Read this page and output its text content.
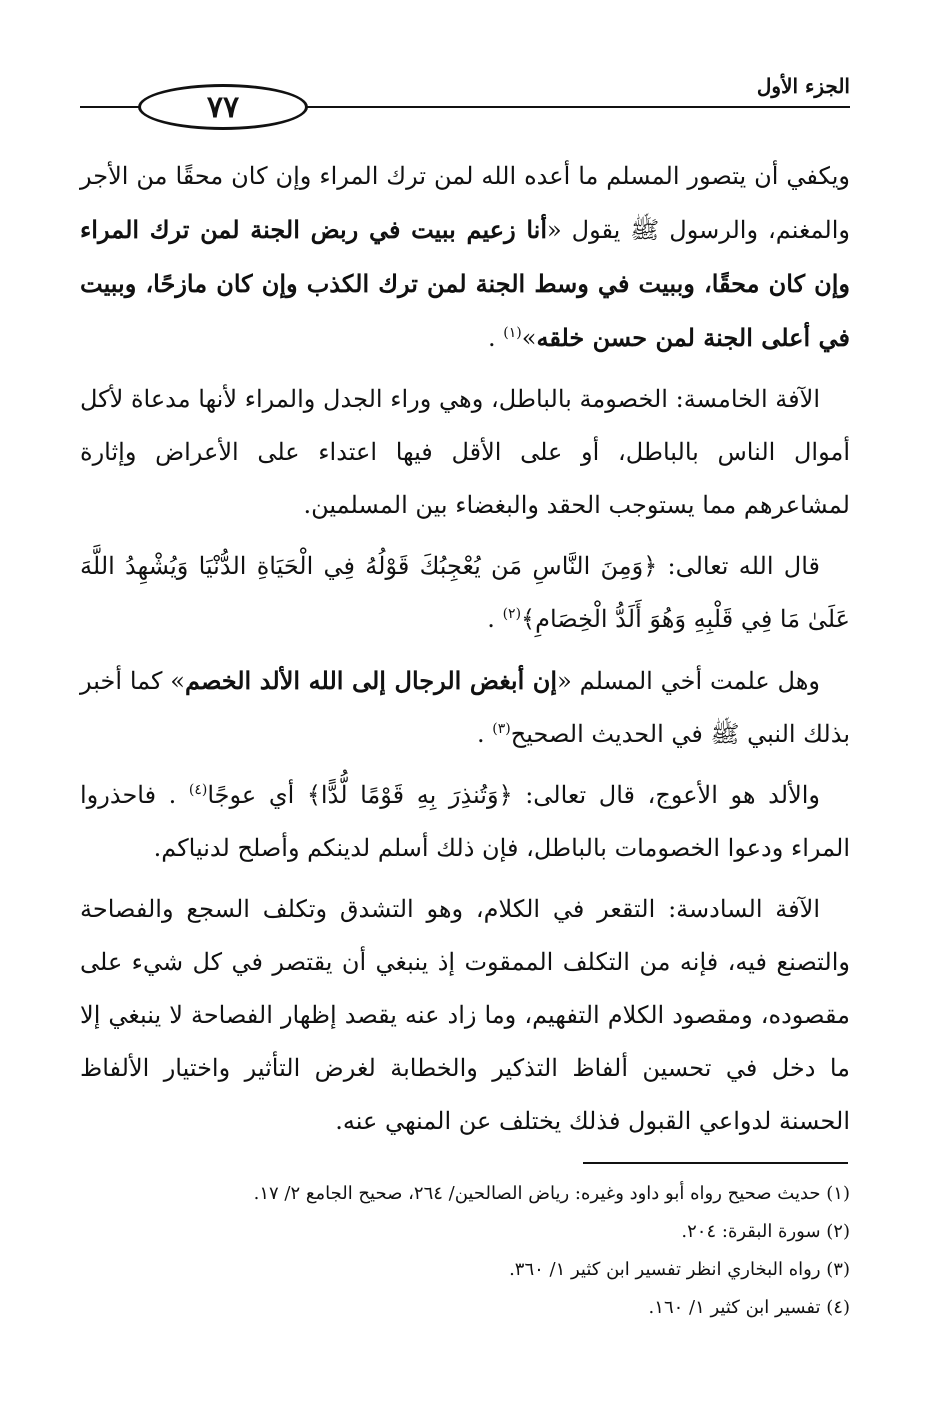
٧٧
الجزء الأول

ويكفي أن يتصور المسلم ما أعده الله لمن ترك المراء وإن كان محقًا من الأجر والمغنم، والرسول ﷺ يقول «أنا زعيم ببيت في ربض الجنة لمن ترك المراء وإن كان محقًا، وببيت في وسط الجنة لمن ترك الكذب وإن كان مازحًا، وببيت في أعلى الجنة لمن حسن خلقه»$^{(١)}$ .

الآفة الخامسة: الخصومة بالباطل، وهي وراء الجدل والمراء لأنها مدعاة لأكل أموال الناس بالباطل، أو على الأقل فيها اعتداء على الأعراض وإثارة لمشاعرهم مما يستوجب الحقد والبغضاء بين المسلمين.

قال الله تعالى: ﴿وَمِنَ النَّاسِ مَن يُعْجِبُكَ قَوْلُهُ فِي الْحَيَاةِ الدُّنْيَا وَيُشْهِدُ اللَّهَ عَلَىٰ مَا فِي قَلْبِهِ وَهُوَ أَلَدُّ الْخِصَامِ﴾$^{(٢)}$ .

وهل علمت أخي المسلم «إن أبغض الرجال إلى الله الألد الخصم» كما أخبر بذلك النبي ﷺ في الحديث الصحيح$^{(٣)}$ .

والألد هو الأعوج، قال تعالى: ﴿وَتُنذِرَ بِهِ قَوْمًا لُّدًّا﴾ أي عوجًا$^{(٤)}$ . فاحذروا المراء ودعوا الخصومات بالباطل، فإن ذلك أسلم لدينكم وأصلح لدنياكم.

الآفة السادسة: التقعر في الكلام، وهو التشدق وتكلف السجع والفصاحة والتصنع فيه، فإنه من التكلف الممقوت إذ ينبغي أن يقتصر في كل شيء على مقصوده، ومقصود الكلام التفهيم، وما زاد عنه يقصد إظهار الفصاحة لا ينبغي إلا ما دخل في تحسين ألفاظ التذكير والخطابة لغرض التأثير واختيار الألفاظ الحسنة لدواعي القبول فذلك يختلف عن المنهي عنه.

(١) حديث صحيح رواه أبو داود وغيره: رياض الصالحين/ ٢٦٤، صحيح الجامع ٢/ ١٧.

(٢) سورة البقرة: ٢٠٤.

(٣) رواه البخاري انظر تفسير ابن كثير ١/ ٣٦٠.

(٤) تفسير ابن كثير ١/ ١٦٠.
